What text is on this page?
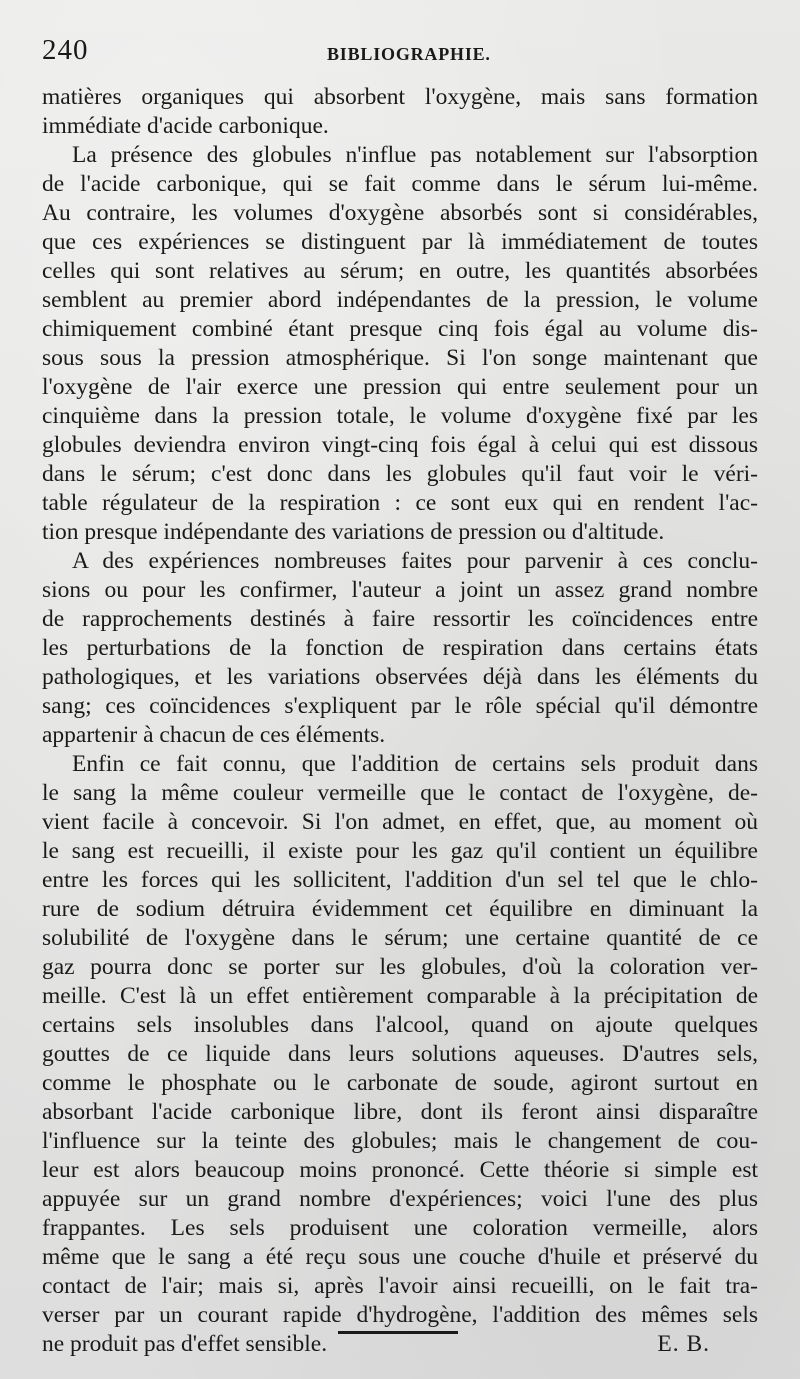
240	BIBLIOGRAPHIE.
matières organiques qui absorbent l'oxygène, mais sans formation
immédiate d'acide carbonique.
La présence des globules n'influe pas notablement sur l'absorption
de l'acide carbonique, qui se fait comme dans le sérum lui-même.
Au contraire, les volumes d'oxygène absorbés sont si considérables,
que ces expériences se distinguent par là immédiatement de toutes
celles qui sont relatives au sérum; en outre, les quantités absorbées
semblent au premier abord indépendantes de la pression, le volume
chimiquement combiné étant presque cinq fois égal au volume dis-
sous sous la pression atmosphérique. Si l'on songe maintenant que
l'oxygène de l'air exerce une pression qui entre seulement pour un
cinquième dans la pression totale, le volume d'oxygène fixé par les
globules deviendra environ vingt-cinq fois égal à celui qui est dissous
dans le sérum; c'est donc dans les globules qu'il faut voir le véri-
table régulateur de la respiration : ce sont eux qui en rendent l'ac-
tion presque indépendante des variations de pression ou d'altitude.
A des expériences nombreuses faites pour parvenir à ces conclu-
sions ou pour les confirmer, l'auteur a joint un assez grand nombre
de rapprochements destinés à faire ressortir les coïncidences entre
les perturbations de la fonction de respiration dans certains états
pathologiques, et les variations observées déjà dans les éléments du
sang; ces coïncidences s'expliquent par le rôle spécial qu'il démontre
appartenir à chacun de ces éléments.
Enfin ce fait connu, que l'addition de certains sels produit dans
le sang la même couleur vermeille que le contact de l'oxygène, de-
vient facile à concevoir. Si l'on admet, en effet, que, au moment où
le sang est recueilli, il existe pour les gaz qu'il contient un équilibre
entre les forces qui les sollicitent, l'addition d'un sel tel que le chlo-
rure de sodium détruira évidemment cet équilibre en diminuant la
solubilité de l'oxygène dans le sérum; une certaine quantité de ce
gaz pourra donc se porter sur les globules, d'où la coloration ver-
meille. C'est là un effet entièrement comparable à la précipitation de
certains sels insolubles dans l'alcool, quand on ajoute quelques
gouttes de ce liquide dans leurs solutions aqueuses. D'autres sels,
comme le phosphate ou le carbonate de soude, agiront surtout en
absorbant l'acide carbonique libre, dont ils feront ainsi disparaître
l'influence sur la teinte des globules; mais le changement de cou-
leur est alors beaucoup moins prononcé. Cette théorie si simple est
appuyée sur un grand nombre d'expériences; voici l'une des plus
frappantes. Les sels produisent une coloration vermeille, alors
même que le sang a été reçu sous une couche d'huile et préservé du
contact de l'air; mais si, après l'avoir ainsi recueilli, on le fait tra-
verser par un courant rapide d'hydrogène, l'addition des mêmes sels
ne produit pas d'effet sensible.	E. B.
